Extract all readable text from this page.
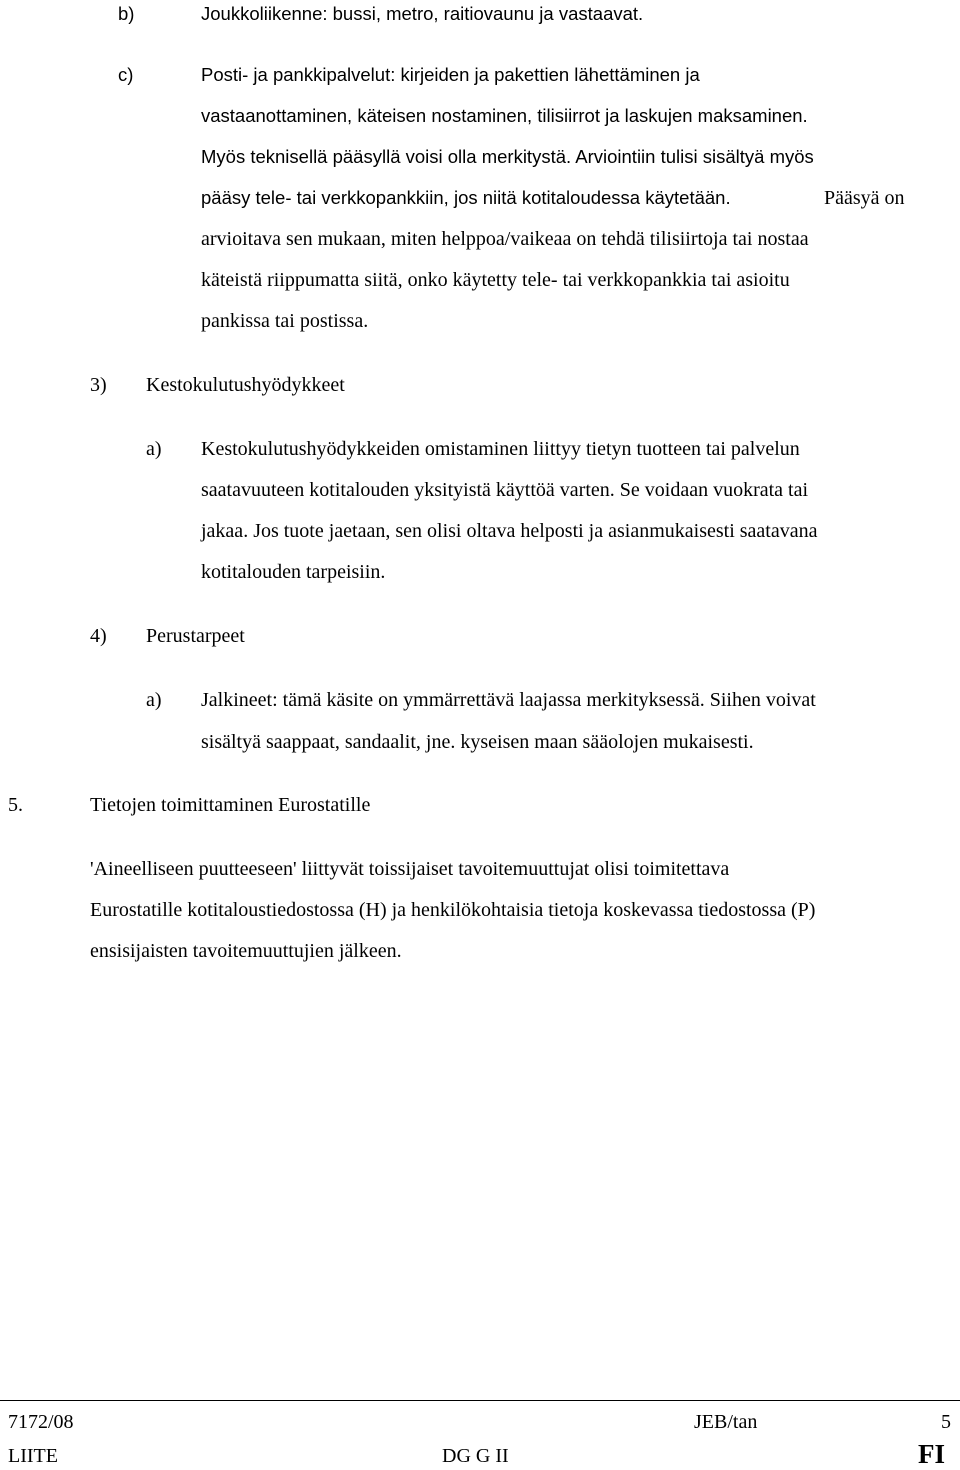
b)	Joukkoliikenne: bussi, metro, raitiovaunu ja vastaavat.
c)	Posti- ja pankkipalvelut: kirjeiden ja pakettien lähettäminen ja
vastaanottaminen, käteisen nostaminen, tilisiirrot ja laskujen maksaminen.
Myös teknisellä pääsyllä voisi olla merkitystä. Arviointiin tulisi sisältyä myös
pääsy tele- tai verkkopankkiin, jos niitä kotitaloudessa käytetään.	Pääsyä on
arvioitava sen mukaan, miten helppoa/vaikeaa on tehdä tilisiirtoja tai nostaa
käteistä riippumatta siitä, onko käytetty tele- tai verkkopankkia tai asioitu
pankissa tai postissa.
3) Kestokulutushyödykkeet
a) Kestokulutushyödykkeiden omistaminen liittyy tietyn tuotteen tai palvelun
saatavuuteen kotitalouden yksityistä käyttöä varten. Se voidaan vuokrata tai
jakaa. Jos tuote jaetaan, sen olisi oltava helposti ja asianmukaisesti saatavana
kotitalouden tarpeisiin.
4) Perustarpeet
a) Jalkineet: tämä käsite on ymmärrettävä laajassa merkityksessä. Siihen voivat
sisältyä saappaat, sandaalit, jne. kyseisen maan sääolojen mukaisesti.
5.	Tietojen toimittaminen Eurostatille
'Aineelliseen puutteeseen' liittyvät toissijaiset tavoitemuuttujat olisi toimitettava
Eurostatille kotitaloustiedostossa (H) ja henkilökohtaisia tietoja koskevassa tiedostossa (P)
ensisijaisten tavoitemuuttujien jälkeen.
7172/08	JEB/tan	5
LIITE	DG G II	FI
